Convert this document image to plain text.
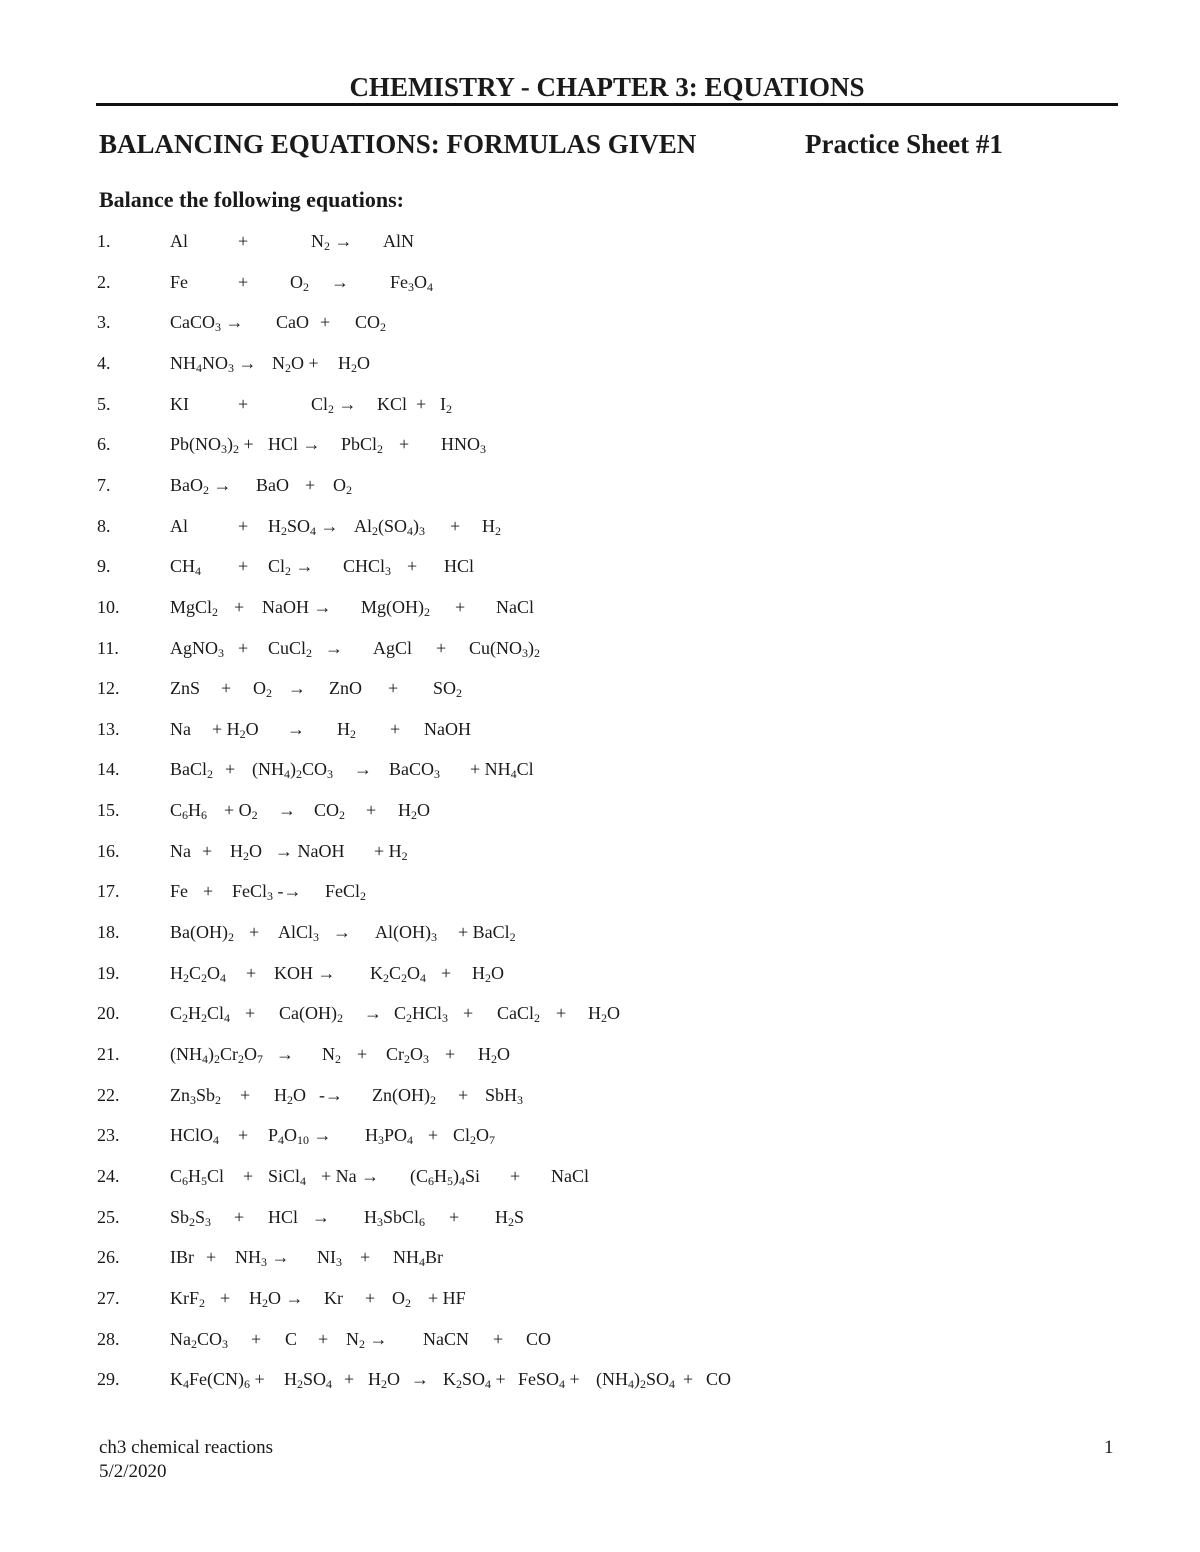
CHEMISTRY - CHAPTER 3: EQUATIONS
BALANCING EQUATIONS: FORMULAS GIVEN	Practice Sheet #1
Balance the following equations:
1.	Al	+	$N_2$ → AlN
2.	Fe	+ $O_2 \to Fe_3O_4$
3.	CaCO$_3$ → CaO + $CO_2$
4.	$NH_4NO_3 \to N_2O + H_2O$
5.	KI	+	$Cl_2$ → KCl + $I_2$
6.	$Pb(NO_3)_2$ + HCl → PbCl$_2$ + $HNO_3$
7.	BaO$_2$ → BaO + $O_2$
8.	Al	+ $H_2SO_4 \to Al_2(SO_4)_3 + H_2$
9.	$CH_4 + Cl_2$ → CHCl$_3$ + HCl
10.	MgCl$_2$ + NaOH → $Mg(OH)_2$ + NaCl
11.	AgNO$_3$ + CuCl$_2$ → AgCl + $Cu(NO_3)_2$
12.	ZnS + $O_2$ → ZnO + $SO_2$
13.	$Na + H_2O \to H_2$ + NaOH
14.	BaCl$_2$ + $(NH_4)_2CO_3$ → BaCO$_3$ + $NH_4Cl$
15.	$C_6H_6 + O_2 \to CO_2 + H_2O$
16.	$Na + H_2O$ → NaOH + $H_2$
17.	Fe + FeCl$_3$ -→ FeCl$_2$
18.	$Ba(OH)_2$ + AlCl$_3$ → $Al(OH)_3$ + BaCl$_2$
19.	$H_2C_2O_4$ + KOH → $K_2C_2O_4 + H_2O$
20.	$C_2H_2Cl_4 + Ca(OH)_2 \to C_2HCl_3$ + CaCl$_2$ + $H_2O$
21.	$(NH_4)_2Cr_2O_7 \to N_2 + Cr_2O_3 + H_2O$
22.	$Zn_3Sb_2 + H_2O -\to Zn(OH)_2 + SbH_3$
23.	HClO$_4$ + $P_4O_{10} \to H_3PO_4 + Cl_2O_7$
24.	$C_6H_5Cl$ + SiCl$_4$ + $Na \to (C_6H_5)_4Si$ + NaCl
25.	$Sb_2S_3$ + HCl → $H_3SbCl_6 + H_2S$
26.	IBr + $NH_3 \to NI_3 + NH_4Br$
27.	$KrF_2 + H_2O \to Kr + O_2$ + HF
28.	$Na_2CO_3 + C + N_2$ → NaCN + CO
29.	$K_4Fe(CN)_6 + H_2SO_4 + H_2O \to K_2SO_4$ + FeSO$_4$ + $(NH_4)_2SO_4$ + CO
ch3 chemical reactions
5/2/2020
1
